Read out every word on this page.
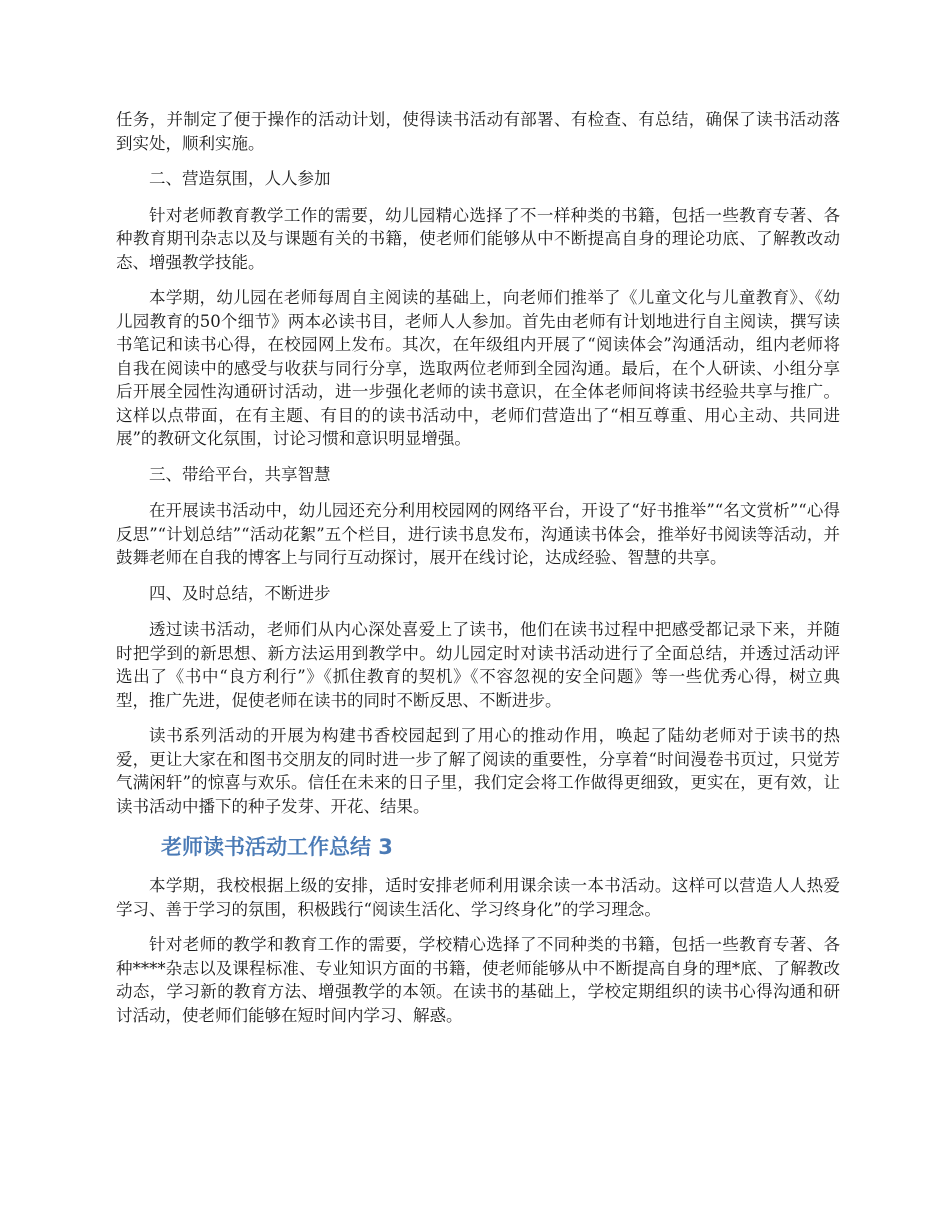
任务，并制定了便于操作的活动计划，使得读书活动有部署、有检查、有总结，确保了读书活动落到实处，顺利实施。

二、营造氛围，人人参加

针对老师教育教学工作的需要，幼儿园精心选择了不一样种类的书籍，包括一些教育专著、各种教育期刊杂志以及与课题有关的书籍，使老师们能够从中不断提高自身的理论功底、了解教改动态、增强教学技能。

本学期，幼儿园在老师每周自主阅读的基础上，向老师们推举了《儿童文化与儿童教育》、《幼儿园教育的50个细节》两本必读书目，老师人人参加。首先由老师有计划地进行自主阅读，撰写读书笔记和读书心得，在校园网上发布。其次，在年级组内开展了“阅读体会”沟通活动，组内老师将自我在阅读中的感受与收获与同行分享，选取两位老师到全园沟通。最后，在个人研读、小组分享后开展全园性沟通研讨活动，进一步强化老师的读书意识，在全体老师间将读书经验共享与推广。这样以点带面，在有主题、有目的的读书活动中，老师们营造出了“相互尊重、用心主动、共同进展”的教研文化氛围，讨论习惯和意识明显增强。

三、带给平台，共享智慧

在开展读书活动中，幼儿园还充分利用校园网的网络平台，开设了“好书推举”“名文赏析”“心得反思”“计划总结”“活动花絮”五个栏目，进行读书息发布，沟通读书体会，推举好书阅读等活动，并鼓舞老师在自我的博客上与同行互动探讨，展开在线讨论，达成经验、智慧的共享。

四、及时总结，不断进步

透过读书活动，老师们从内心深处喜爱上了读书，他们在读书过程中把感受都记录下来，并随时把学到的新思想、新方法运用到教学中。幼儿园定时对读书活动进行了全面总结，并透过活动评选出了《书中“良方利行”》《抓住教育的契机》《不容忽视的安全问题》等一些优秀心得，树立典型，推广先进，促使老师在读书的同时不断反思、不断进步。

读书系列活动的开展为构建书香校园起到了用心的推动作用，唤起了陆幼老师对于读书的热爱，更让大家在和图书交朋友的同时进一步了解了阅读的重要性，分享着“时间漫卷书页过，只觉芳气满闲轩”的惊喜与欢乐。信任在未来的日子里，我们定会将工作做得更细致，更实在，更有效，让读书活动中播下的种子发芽、开花、结果。

老师读书活动工作总结 3

本学期，我校根据上级的安排，适时安排老师利用课余读一本书活动。这样可以营造人人热爱学习、善于学习的氛围，积极践行“阅读生活化、学习终身化”的学习理念。

针对老师的教学和教育工作的需要，学校精心选择了不同种类的书籍，包括一些教育专著、各种****杂志以及课程标准、专业知识方面的书籍，使老师能够从中不断提高自身的理*底、了解教改动态，学习新的教育方法、增强教学的本领。在读书的基础上，学校定期组织的读书心得沟通和研讨活动，使老师们能够在短时间内学习、解惑。
